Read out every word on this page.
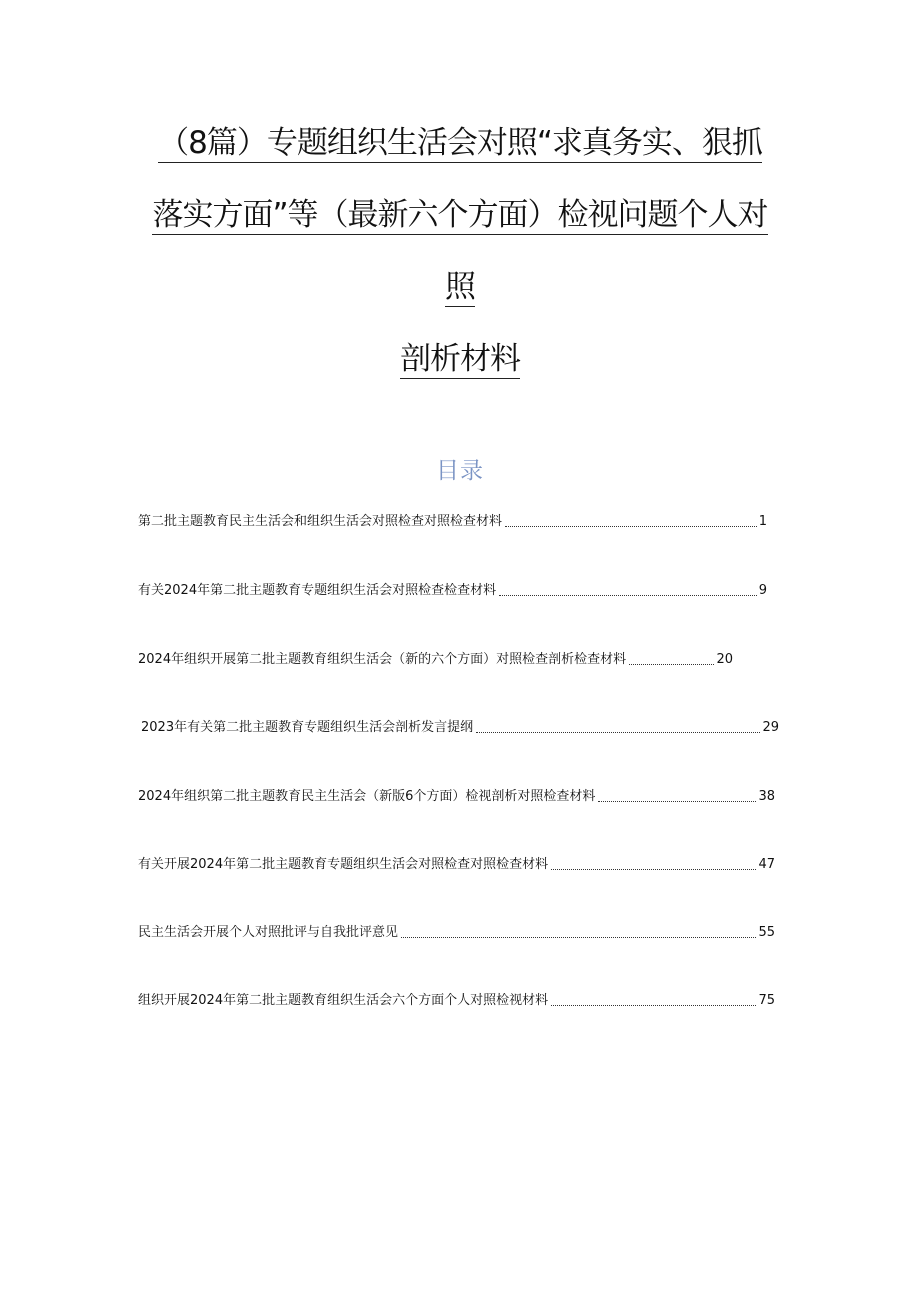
（8篇）专题组织生活会对照“求真务实、狠抓
落实方面”等（最新六个方面）检视问题个人对
照
剖析材料
目录
第二批主题教育民主生活会和组织生活会对照检查对照检查材料	1
有关2024年第二批主题教育专题组织生活会对照检查检查材料	9
2024年组织开展第二批主题教育组织生活会（新的六个方面）对照检查剖析检查材料	20
2023年有关第二批主题教育专题组织生活会剖析发言提纲	29
2024年组织第二批主题教育民主生活会（新版6个方面）检视剖析对照检查材料	38
有关开展2024年第二批主题教育专题组织生活会对照检查对照检查材料	47
民主生活会开展个人对照批评与自我批评意见	55
组织开展2024年第二批主题教育组织生活会六个方面个人对照检视材料	75
